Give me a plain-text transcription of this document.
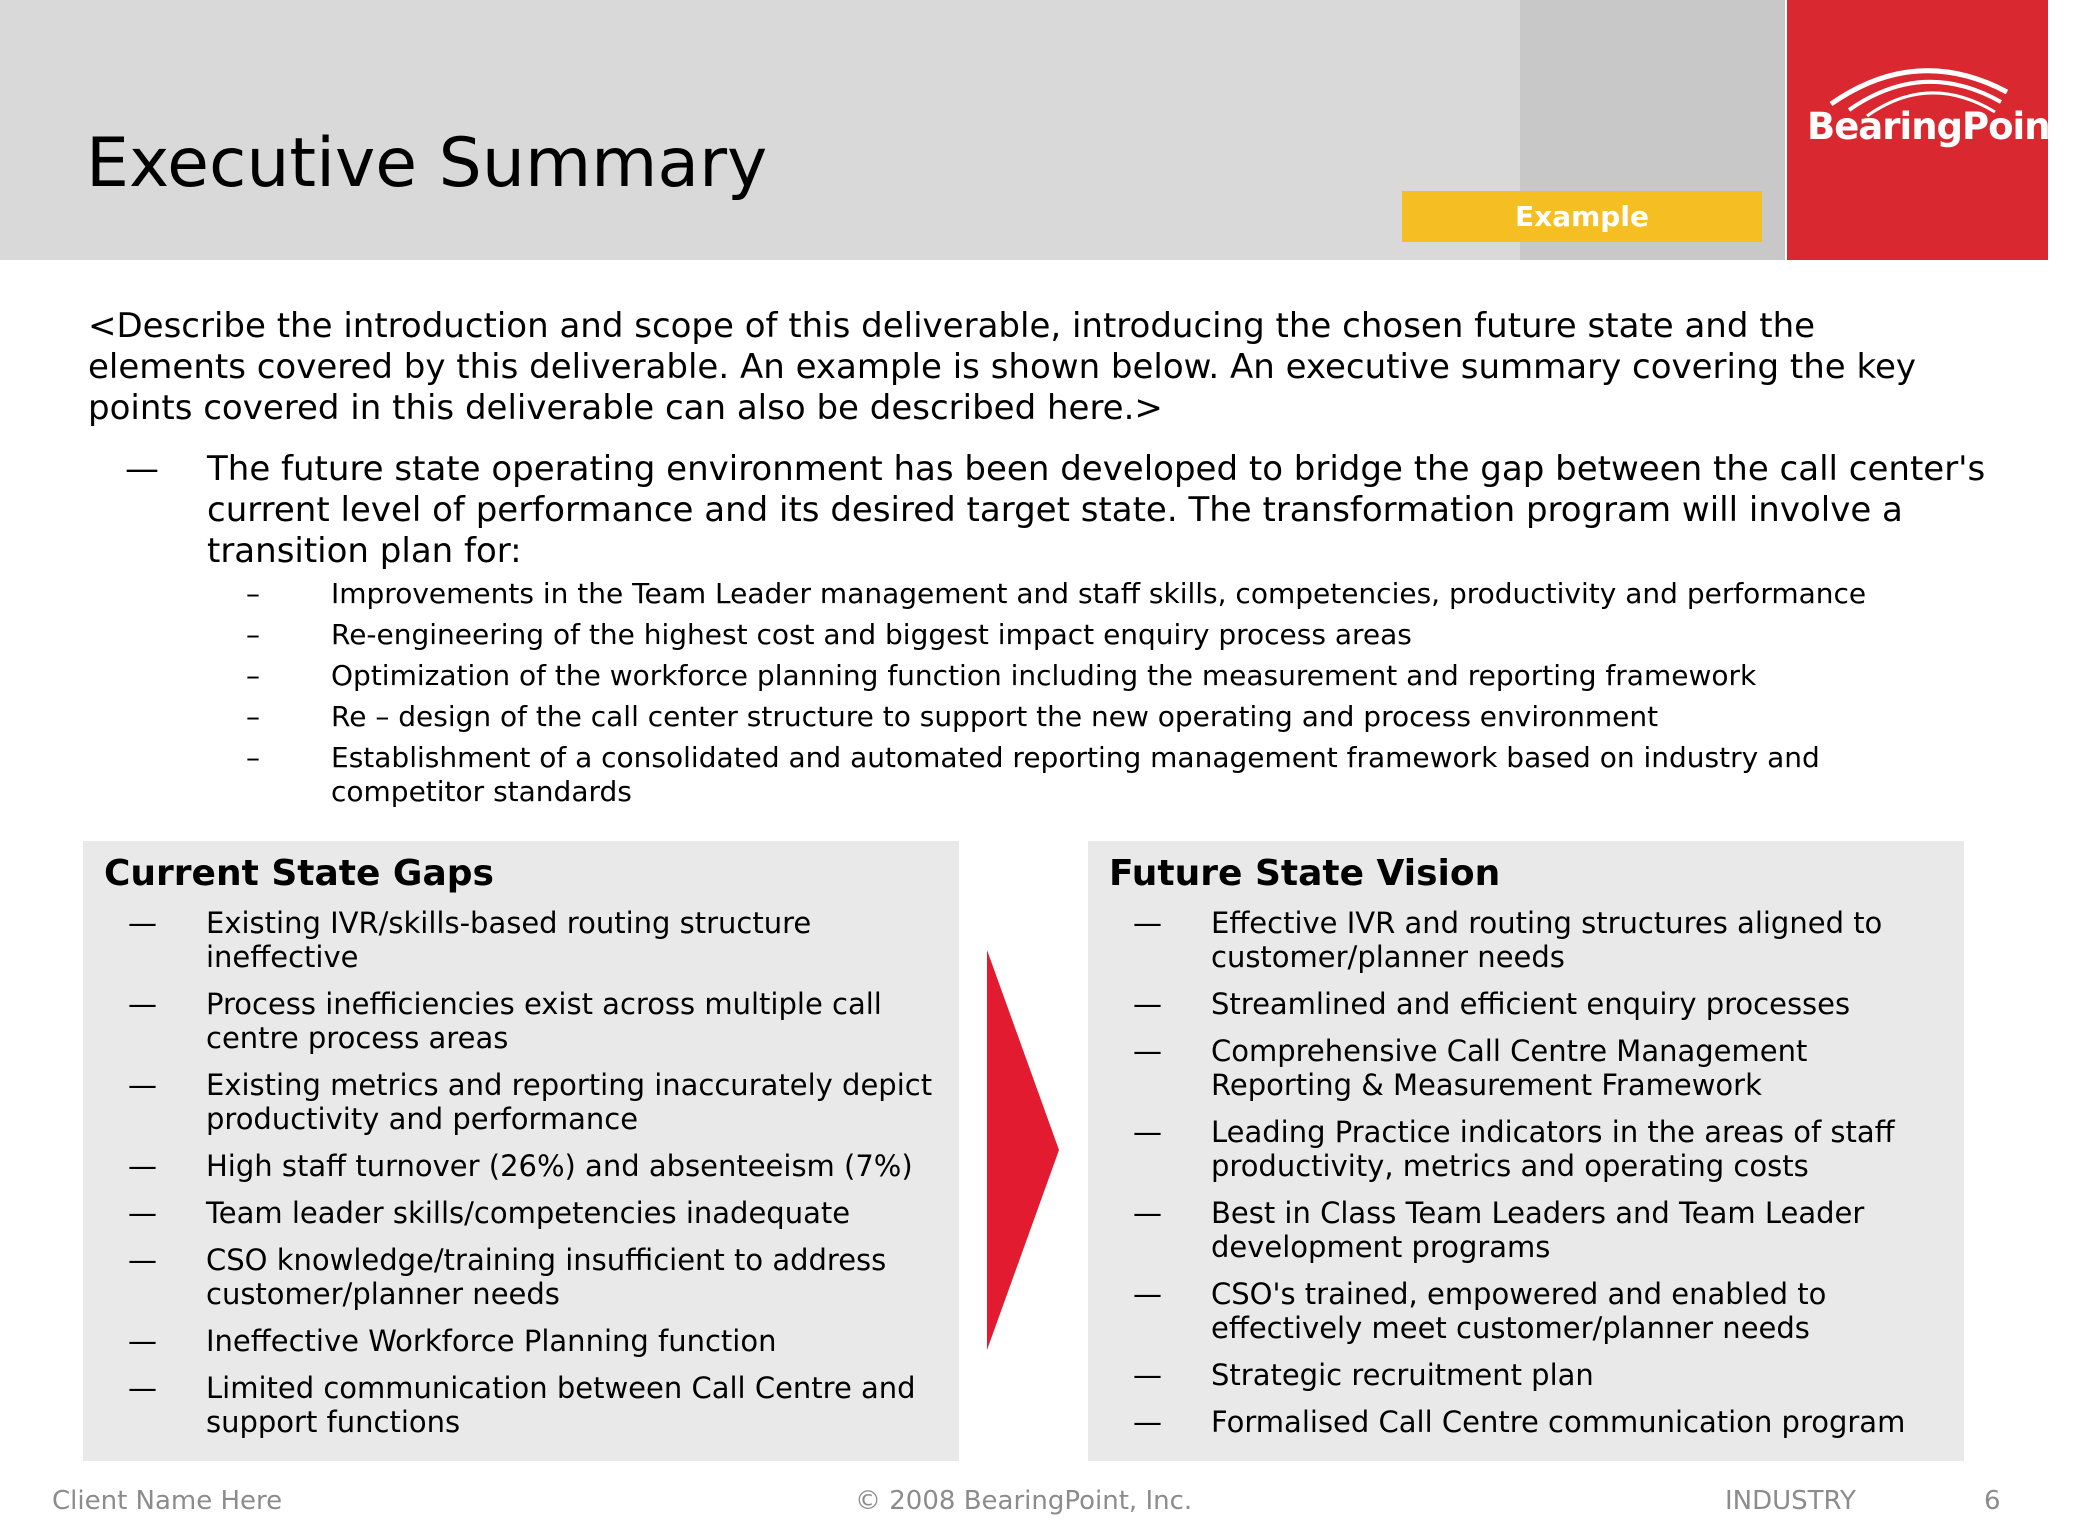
Executive Summary	BearingPointTM
Example

<Describe the introduction and scope of this deliverable, introducing the chosen future state and the elements covered by this deliverable. An example is shown below. An executive summary covering the key points covered in this deliverable can also be described here.>

— The future state operating environment has been developed to bridge the gap between the call center's current level of performance and its desired target state. The transformation program will involve a transition plan for:
–	Improvements in the Team Leader management and staff skills, competencies, productivity and performance
–	Re-engineering of the highest cost and biggest impact enquiry process areas
–	Optimization of the workforce planning function including the measurement and reporting framework
–	Re – design of the call center structure to support the new operating and process environment
–	Establishment of a consolidated and automated reporting management framework based on industry and competitor standards
Current State Gaps
— Existing IVR/skills-based routing structure ineffective
— Process inefficiencies exist across multiple call centre process areas
— Existing metrics and reporting inaccurately depict productivity and performance
— High staff turnover (26%) and absenteeism (7%)
— Team leader skills/competencies inadequate
— CSO knowledge/training insufficient to address customer/planner needs
— Ineffective Workforce Planning function
— Limited communication between Call Centre and support functions
Future State Vision
— Effective IVR and routing structures aligned to customer/planner needs
— Streamlined and efficient enquiry processes
— Comprehensive Call Centre Management Reporting & Measurement Framework
— Leading Practice indicators in the areas of staff productivity, metrics and operating costs
— Best in Class Team Leaders and Team Leader development programs
— CSO's trained, empowered and enabled to effectively meet customer/planner needs
— Strategic recruitment plan
— Formalised Call Centre communication program
Client Name Here	© 2008 BearingPoint, Inc.	INDUSTRY	6
